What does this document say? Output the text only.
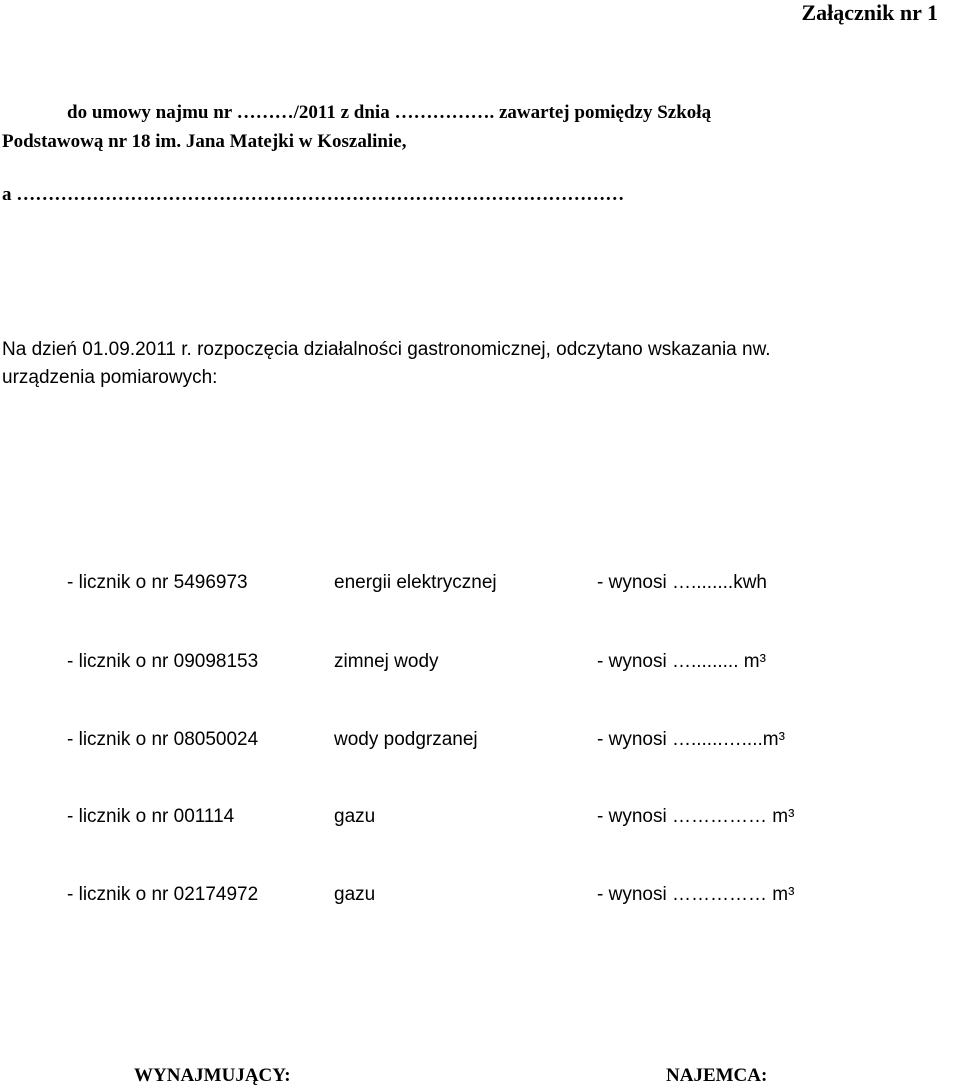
Załącznik nr 1
do umowy najmu nr ………/2011 z dnia ……………. zawartej pomiędzy Szkołą
Podstawową nr 18 im. Jana Matejki w Koszalinie,
a ……………………………………………………………………………………
Na dzień 01.09.2011 r. rozpoczęcia działalności gastronomicznej, odczytano wskazania nw.
urządzenia pomiarowych:
- licznik o nr 5496973	energii elektrycznej	- wynosi …........kwh
- licznik o nr 09098153	zimnej wody	- wynosi …......... m³
- licznik o nr 08050024	wody podgrzanej	- wynosi …......…....m³
- licznik o nr 001114	gazu	- wynosi …………… m³
- licznik o nr 02174972	gazu	- wynosi …………… m³
WYNAJMUJĄCY:	NAJEMCA:
